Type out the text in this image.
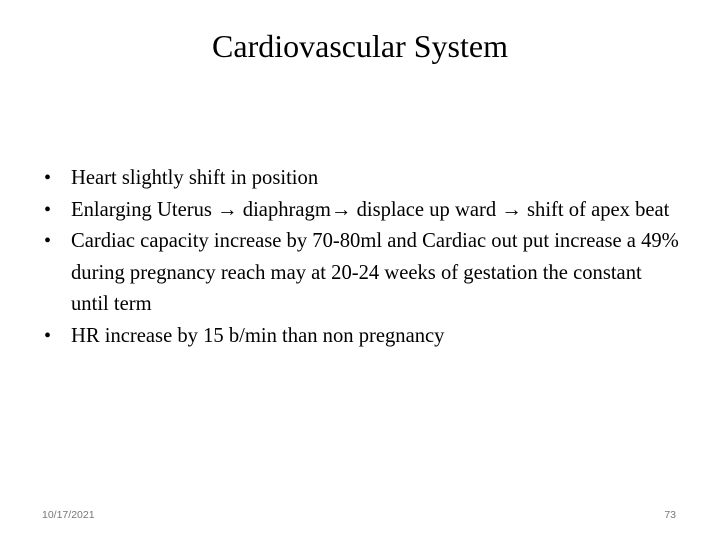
Cardiovascular System
• Heart slightly shift in position
• Enlarging Uterus → diaphragm→ displace up ward → shift of apex beat
• Cardiac capacity increase by 70-80ml and Cardiac out put increase a 49% during pregnancy reach may at 20-24 weeks of gestation the constant until term
• HR increase by 15 b/min than non pregnancy
10/17/2021	73
